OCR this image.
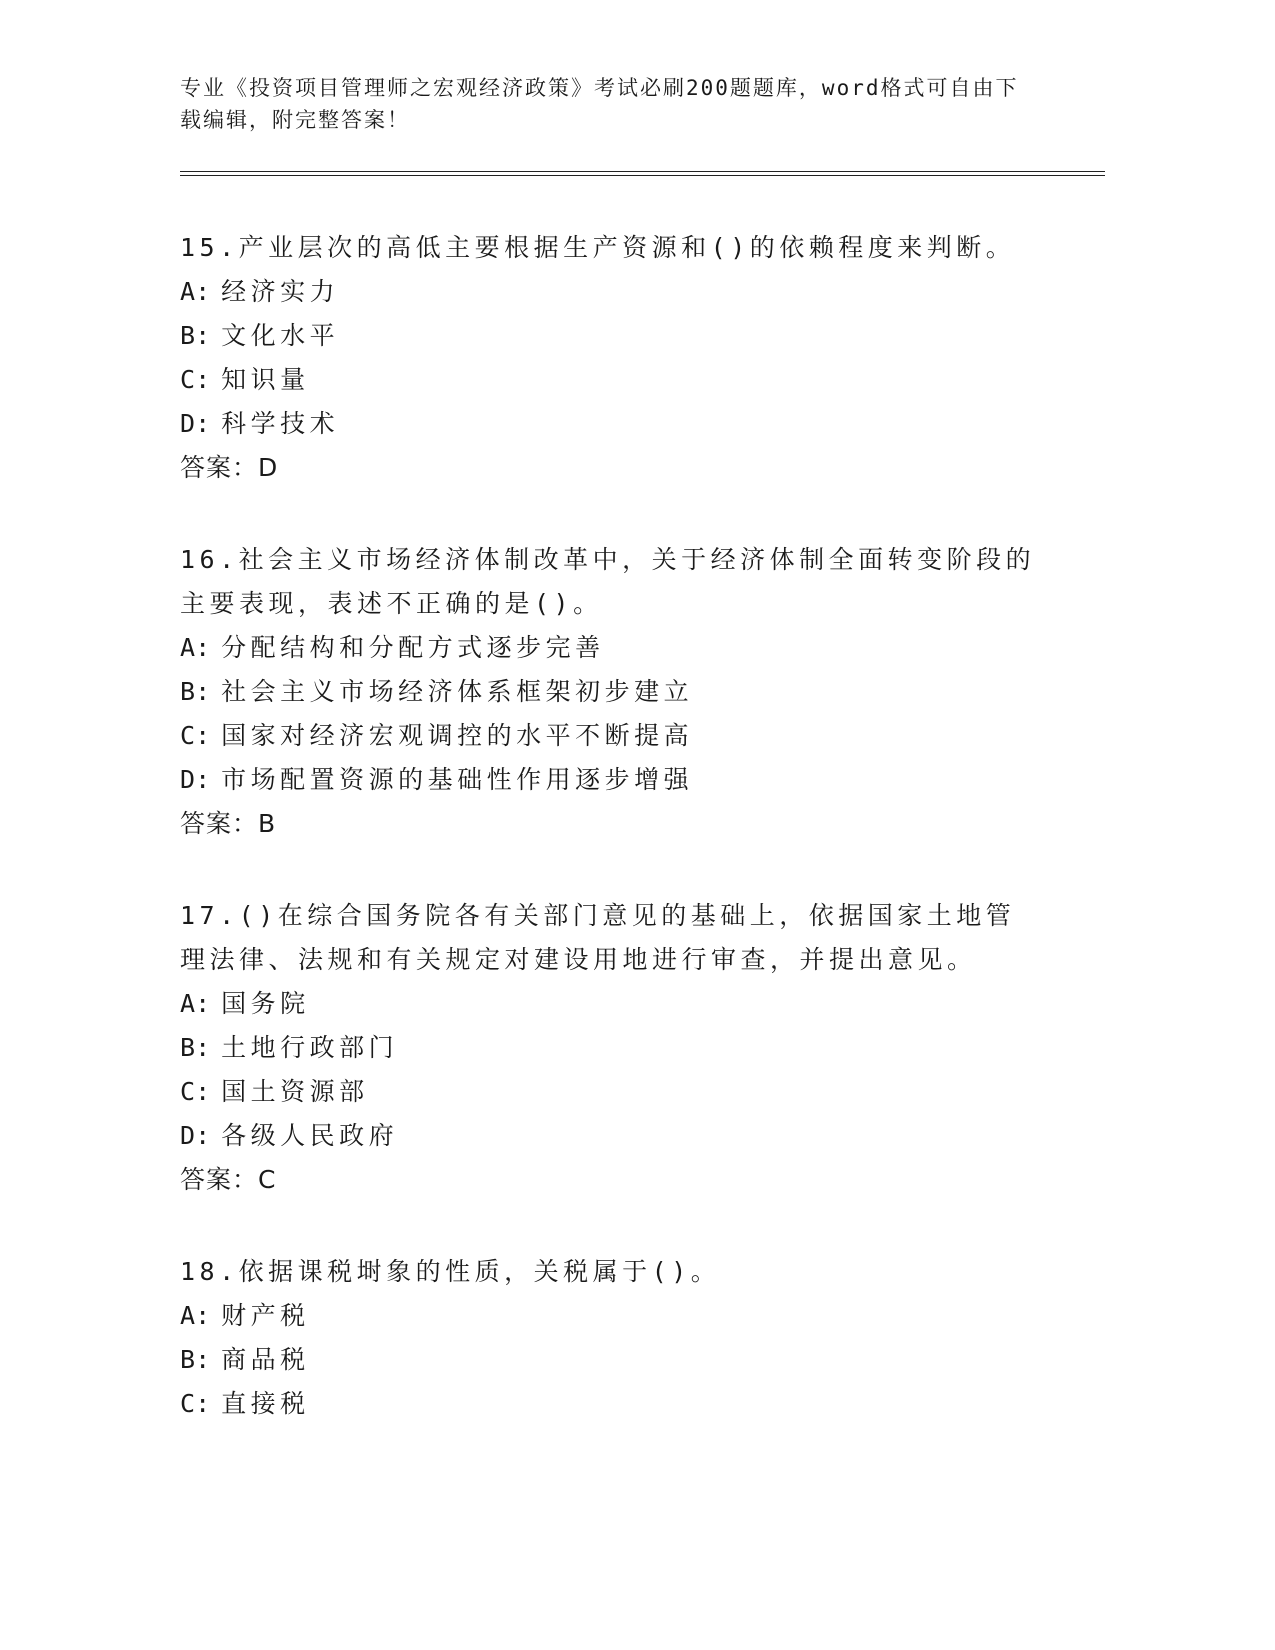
专业《投资项目管理师之宏观经济政策》考试必刷200题题库，word格式可自由下载编辑，附完整答案！

15.产业层次的高低主要根据生产资源和()的依赖程度来判断。

A: 经济实力

B: 文化水平

C: 知识量

D: 科学技术

答案：D

16.社会主义市场经济体制改革中，关于经济体制全面转变阶段的主要表现，表述不正确的是()。

A: 分配结构和分配方式逐步完善

B: 社会主义市场经济体系框架初步建立

C: 国家对经济宏观调控的水平不断提高

D: 市场配置资源的基础性作用逐步增强

答案：B

17.()在综合国务院各有关部门意见的基础上，依据国家土地管理法律、法规和有关规定对建设用地进行审查，并提出意见。

A: 国务院

B: 土地行政部门

C: 国土资源部

D: 各级人民政府

答案：C

18.依据课税埘象的性质，关税属于()。

A: 财产税

B: 商品税

C: 直接税
